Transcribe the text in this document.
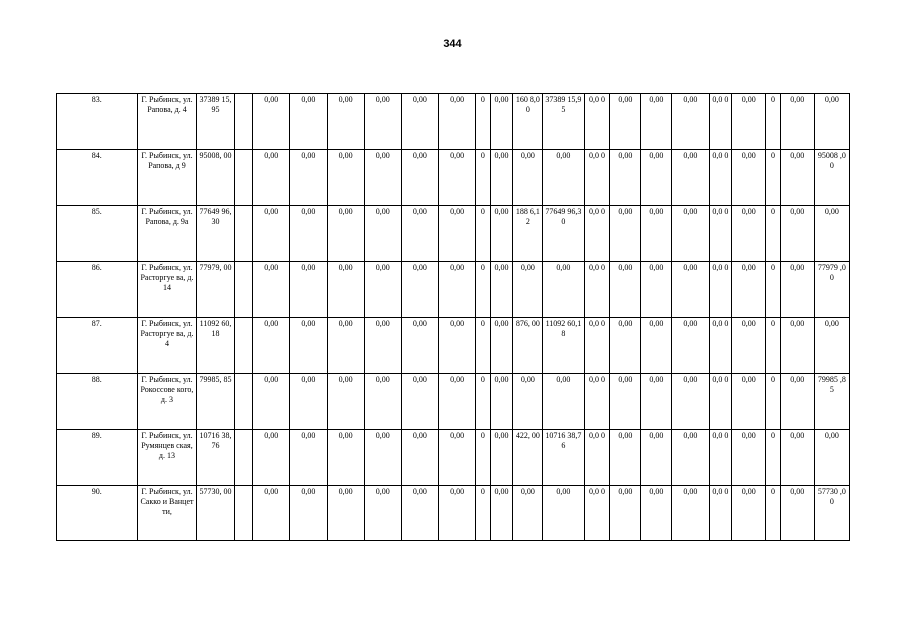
344
83.	Г. Рыбинск, ул. Рапова, д. 4	37389 15,95		0,00	0,00	0,00	0,00	0,00	0,00	0	0,00	160 8,00	37389 15,95	0,0 0	0,00	0,00	0,00	0,0 0	0,00	0	0,00	0,00
84.	Г. Рыбинск, ул. Рапова, д 9	95008, 00		0,00	0,00	0,00	0,00	0,00	0,00	0	0,00	0,00	0,00	0,0 0	0,00	0,00	0,00	0,0 0	0,00	0	0,00	95008 ,00
85.	Г. Рыбинск, ул. Рапова, д. 9а	77649 96,30		0,00	0,00	0,00	0,00	0,00	0,00	0	0,00	188 6,12	77649 96,30	0,0 0	0,00	0,00	0,00	0,0 0	0,00	0	0,00	0,00
86.	Г. Рыбинск, ул. Расторгуе ва, д. 14	77979, 00		0,00	0,00	0,00	0,00	0,00	0,00	0	0,00	0,00	0,00	0,0 0	0,00	0,00	0,00	0,0 0	0,00	0	0,00	77979 ,00
87.	Г. Рыбинск, ул. Расторгуе ва, д. 4	11092 60,18		0,00	0,00	0,00	0,00	0,00	0,00	0	0,00	876, 00	11092 60,18	0,0 0	0,00	0,00	0,00	0,0 0	0,00	0	0,00	0,00
88.	Г. Рыбинск, ул. Рокоссове кого, д. 3	79985, 85		0,00	0,00	0,00	0,00	0,00	0,00	0	0,00	0,00	0,00	0,0 0	0,00	0,00	0,00	0,0 0	0,00	0	0,00	79985 ,85
89.	Г. Рыбинск, ул. Румянцев ская, д. 13	10716 38,76		0,00	0,00	0,00	0,00	0,00	0,00	0	0,00	422, 00	10716 38,76	0,0 0	0,00	0,00	0,00	0,0 0	0,00	0	0,00	0,00
90.	Г. Рыбинск, ул. Сакко и Ванцетти,	57730, 00		0,00	0,00	0,00	0,00	0,00	0,00	0	0,00	0,00	0,00	0,0 0	0,00	0,00	0,00	0,0 0	0,00	0	0,00	57730 ,00
